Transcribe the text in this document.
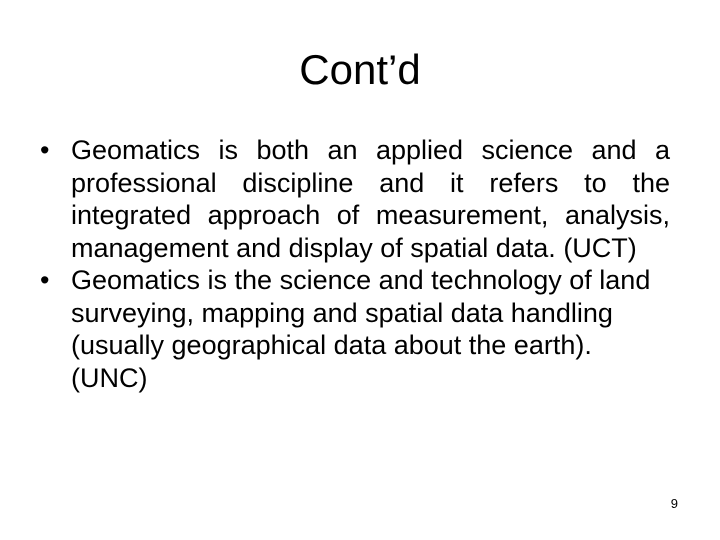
Cont’d
• Geomatics is both an applied science and a professional discipline and it refers to the integrated approach of measurement, analysis, management and display of spatial data. (UCT)
• Geomatics is the science and technology of land surveying, mapping and spatial data handling (usually geographical data about the earth). (UNC)
9
